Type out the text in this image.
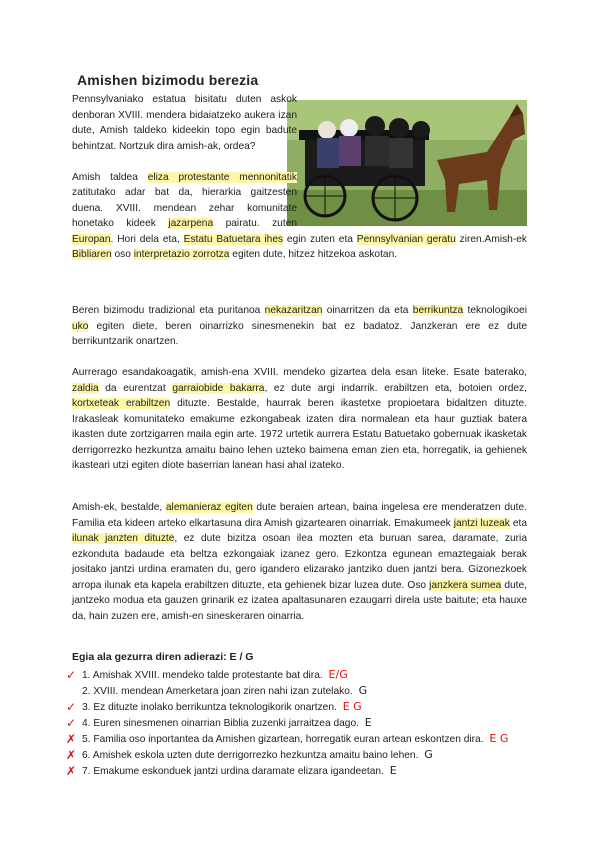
Amishen bizimodu berezia
Pennsylvaniako estatua bisitatu duten askok denboran XVIII. mendera bidaiatzeko aukera izan dute, Amish taldeko kideekin topo egin badute behintzat. Nortzuk dira amish-ak, ordea?

Amish taldea eliza protestante mennonitatik zatitutako adar bat da, hierarkia gaitzesten duena. XVIII. mendean zehar komunitate honetako kideek jazarpena pairatu. zuten Europan. Hori dela eta, Estatu Batuetara ihes egin zuten eta Pennsylvanian geratu ziren.Amish-ek Bibliaren oso interpretazio zorrotza egiten dute, hitzez hitzekoa askotan.
Beren bizimodu tradizional eta puritanoa nekazaritzan oinarritzen da eta berrikuntza teknologikoei uko egiten diete, beren oinarrizko sinesmenekin bat ez badatoz. Janzkeran ere ez dute berrikuntzarik onartzen.
Aurrerago esandakoagatik, amish-ena XVIII. mendeko gizartea dela esan liteke. Esate baterako, zaldia da eurentzat garraiobide bakarra, ez dute argi indarrik. erabiltzen eta, botoien ordez, kortxeteak erabiltzen dituzte. Bestalde, haurrak beren ikastetxe propioetara bidaltzen dituzte. Irakasleak komunitateko emakume ezkongabeak izaten dira normalean eta haur guztiak batera ikasten dute zortzigarren maila egin arte. 1972 urtetik aurrera Estatu Batuetako gobernuak ikasketak derrigorrezko hezkuntza amaitu baino lehen uzteko baimena eman zien eta, horregatik, ia gehienek ikasteari utzi egiten diote baserrian lanean hasi ahal izateko.
Amish-ek, bestalde, alemanieraz egiten dute beraien artean, baina ingelesa ere menderatzen dute. Familia eta kideen arteko elkartasuna dira Amish gizartearen oinarriak. Emakumeek jantzi luzeak eta ilunak janzten dituzte, ez dute bizitza osoan ilea mozten eta buruan sarea, daramate, zuria ezkonduta badaude eta beltza ezkongaiak izanez gero. Ezkontza egunean emaztegaiak berak jositako jantzi urdina eramaten du, gero igandero elizarako jantziko duen jantzi bera. Gizonezkoek arropa ilunak eta kapela erabiltzen dituzte, eta gehienek bizar luzea dute. Oso janzkera sumea dute, jantzeko modua eta gauzen grinarik ez izatea apaltasunaren ezaugarri direla uste baitute; eta hauxe da, hain zuzen ere, amish-en sineskeraren oinarria.
Egia ala gezurra diren adierazi: E / G
✓ 1. Amishak XVIII. mendeko talde protestante bat dira. E/G
2. XVIII. mendean Amerketara joan ziren nahi izan zutelako. G
✓ 3. Ez dituzte inolako berrikuntza teknologikorik onartzen. E G
✓ 4. Euren sinesmenen oinarrian Biblia zuzenki jarraitzea dago. E
✗ 5. Familia oso inportantea da Amishen gizartean, horregatik euran artean eskontzen dira. E G
✗ 6. Amishek eskola uzten dute derrigorrezko hezkuntza amaitu baino lehen. G
✗ 7. Emakume eskonduek jantzi urdina daramate elizara igandeetan. E
